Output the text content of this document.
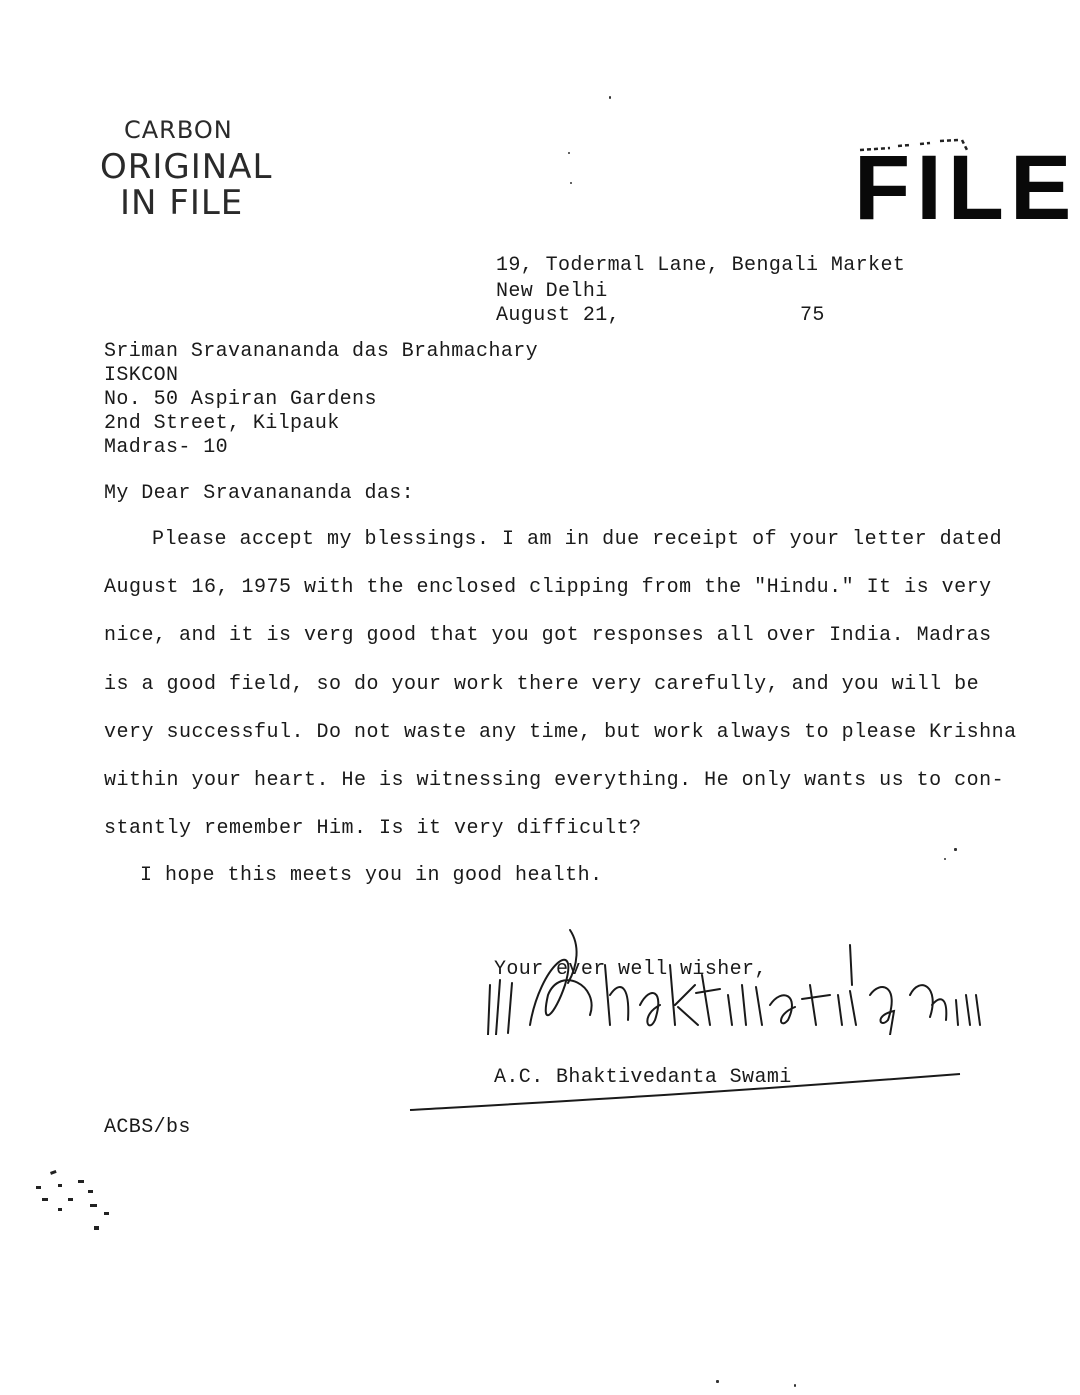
CARBON
ORIGINAL
IN FILE	FILE
19, Todermal Lane, Bengali Market
New Delhi
August 21,	75
Sriman Sravanananda das Brahmachary
ISKCON
No. 50 Aspiran Gardens
2nd Street, Kilpauk
Madras- 10
My Dear Sravanananda das:
Please accept my blessings. I am in due receipt of your letter dated
August 16, 1975 with the enclosed clipping from the "Hindu." It is very
nice, and it is verg good that you got responses all over India. Madras
is a good field, so do your work there very carefully, and you will be
very successful. Do not waste any time, but work always to please Krishna
within your heart. He is witnessing everything. He only wants us to con-
stantly remember Him. Is it very difficult?
I hope this meets you in good health.
Your ever well wisher,
A.C. Bhaktivedanta Swami
ACBS/bs
